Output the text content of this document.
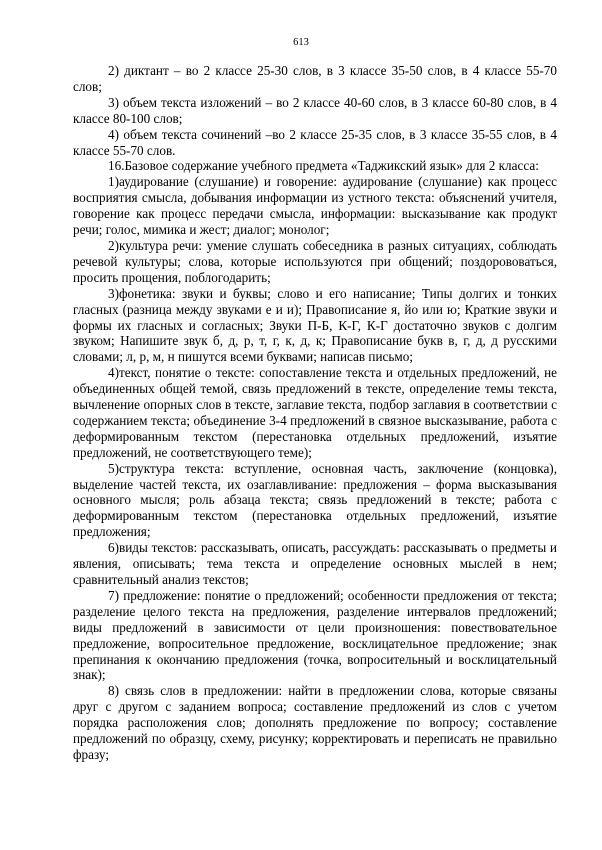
613

2) диктант – во 2 классе 25-30 слов, в 3 классе 35-50 слов, в 4 классе 55-70 слов;

3) объем текста изложений – во 2 классе 40-60 слов, в 3 классе 60-80 слов, в 4 классе 80-100 слов;

4) объем текста сочинений –во 2 классе 25-35 слов, в 3 классе 35-55 слов, в 4 классе 55-70 слов.

16.Базовое содержание учебного предмета «Таджикский язык» для 2 класса:

1)аудирование (слушание) и говорение: аудирование (слушание) как процесс восприятия смысла, добывания информации из устного текста: объяснений учителя, говорение как процесс передачи смысла, информации: высказывание как продукт речи; голос, мимика и жест; диалог; монолог;

2)культура речи: умение слушать собеседника в разных ситуациях, соблюдать речевой культуры; слова, которые используются при общений; поздорововаться, просить прощения, поблогодарить;

3)фонетика: звуки и буквы; слово и его написание; Типы долгих и тонких гласных (разница между звуками е и и); Правописание я, йо или ю; Краткие звуки и формы их гласных и согласных; Звуки П-Б, К-Г, К-Г достаточно звуков с долгим звуком; Напишите звук б, д, р, т, г, к, д, к; Правописание букв в, г, д, д русскими словами; л, р, м, н пишутся всеми буквами; написав письмо;

4)текст, понятие о тексте: сопоставление текста и отдельных предложений, не объединенных общей темой, связь предложений в тексте, определение темы текста, вычленение опорных слов в тексте, заглавие текста, подбор заглавия в соответствии с содержанием текста; объединение 3-4 предложений в связное высказывание, работа с деформированным текстом (перестановка отдельных предложений, изъятие предложений, не соответствующего теме);

5)структура текста: вступление, основная часть, заключение (концовка), выделение частей текста, их озаглавливание: предложения – форма высказывания основного мысля; роль абзаца текста; связь предложений в тексте; работа с деформированным текстом (перестановка отдельных предложений, изъятие предложения;

6)виды текстов: рассказывать, описать, рассуждать: рассказывать о предметы и явления, описывать; тема текста и определение основных мыслей в нем; сравнительный анализ текстов;

7) предложение: понятие о предложений; особенности предложения от текста; разделение целого текста на предложения, разделение интервалов предложений; виды предложений в зависимости от цели произношения: повествовательное предложение, вопросительное предложение, восклицательное предложение; знак препинания к окончанию предложения (точка, вопросительный и восклицательный знак);

8) связь слов в предложении: найти в предложении слова, которые связаны друг с другом с заданием вопроса; составление предложений из слов с учетом порядка расположения слов; дополнять предложение по вопросу; составление предложений по образцу, схему, рисунку; корректировать и переписать не правильно фразу;
